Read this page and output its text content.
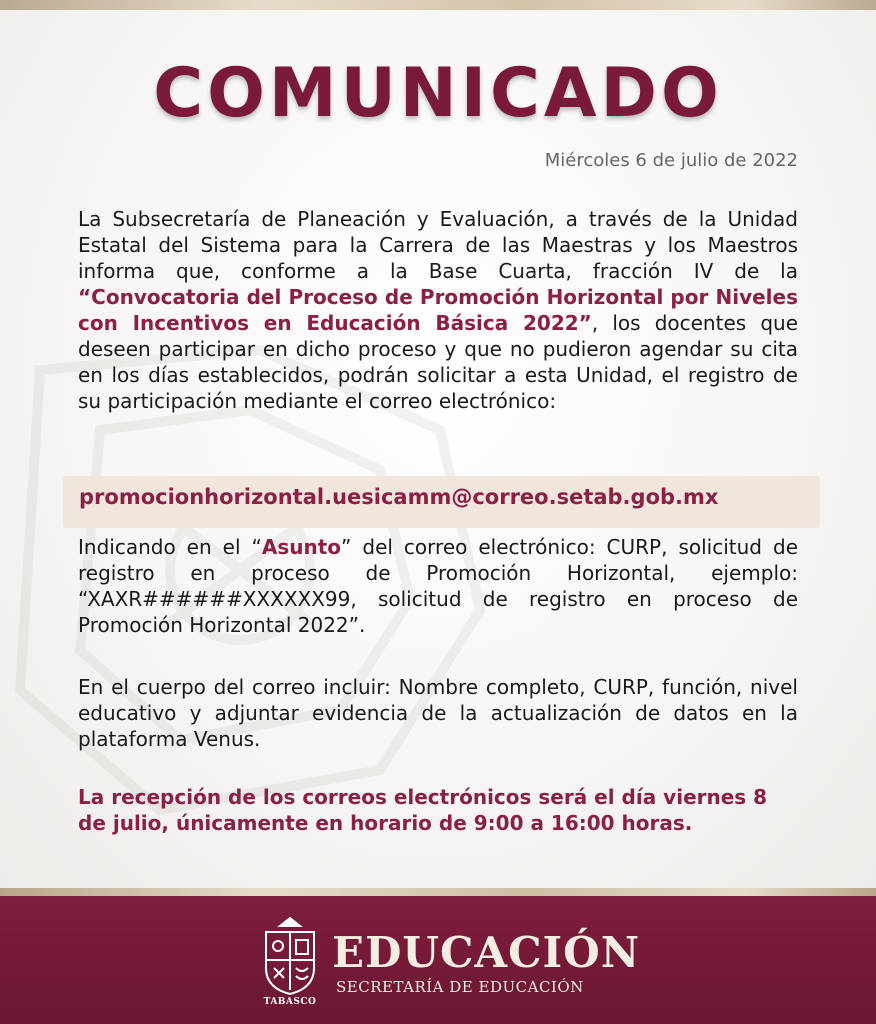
COMUNICADO
Miércoles 6 de julio de 2022
La Subsecretaría de Planeación y Evaluación, a través de la Unidad Estatal del Sistema para la Carrera de las Maestras y los Maestros informa que, conforme a la Base Cuarta, fracción IV de la “Convocatoria del Proceso de Promoción Horizontal por Niveles con Incentivos en Educación Básica 2022”, los docentes que deseen participar en dicho proceso y que no pudieron agendar su cita en los días establecidos, podrán solicitar a esta Unidad, el registro de su participación mediante el correo electrónico:
promocionhorizontal.uesicamm@correo.setab.gob.mx
Indicando en el “Asunto” del correo electrónico: CURP, solicitud de registro en proceso de Promoción Horizontal, ejemplo: “XAXR######XXXXXX99, solicitud de registro en proceso de Promoción Horizontal 2022”.
En el cuerpo del correo incluir: Nombre completo, CURP, función, nivel educativo y adjuntar evidencia de la actualización de datos en la plataforma Venus.
La recepción de los correos electrónicos será el día viernes 8 de julio, únicamente en horario de 9:00 a 16:00 horas.
TABASCO
EDUCACIÓN
SECRETARÍA DE EDUCACIÓN
